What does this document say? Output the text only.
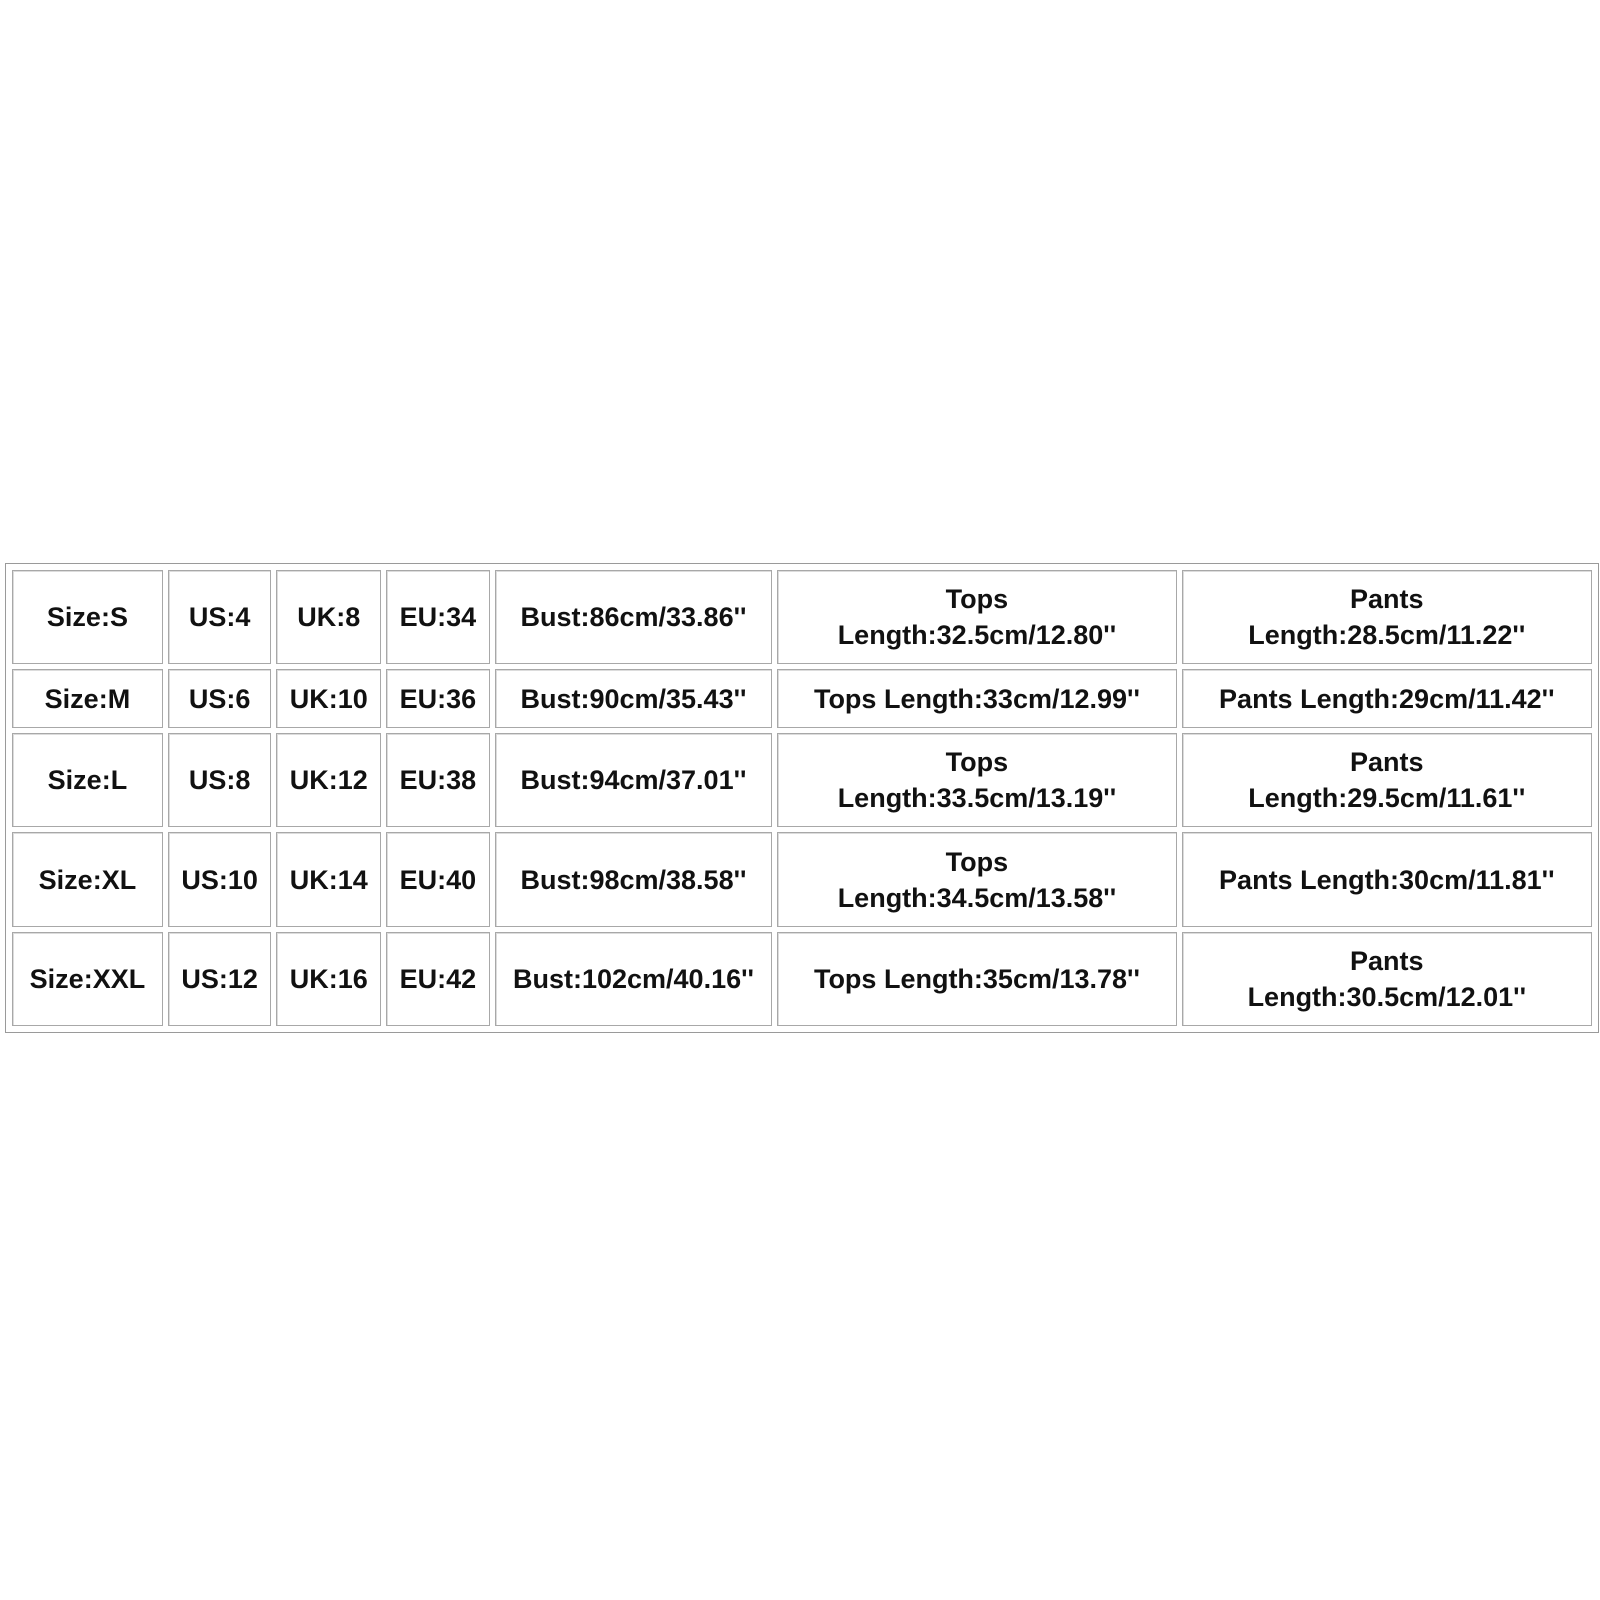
Size:S	US:4	UK:8	EU:34	Bust:86cm/33.86''	Tops
Length:32.5cm/12.80''	Pants
Length:28.5cm/11.22''

Size:M	US:6	UK:10	EU:36	Bust:90cm/35.43''	Tops Length:33cm/12.99''	Pants Length:29cm/11.42''

Size:L	US:8	UK:12	EU:38	Bust:94cm/37.01''	Tops
Length:33.5cm/13.19''	Pants
Length:29.5cm/11.61''

Size:XL	US:10	UK:14	EU:40	Bust:98cm/38.58''	Tops
Length:34.5cm/13.58''	Pants Length:30cm/11.81''

Size:XXL	US:12	UK:16	EU:42	Bust:102cm/40.16''	Tops Length:35cm/13.78''	Pants
Length:30.5cm/12.01''
